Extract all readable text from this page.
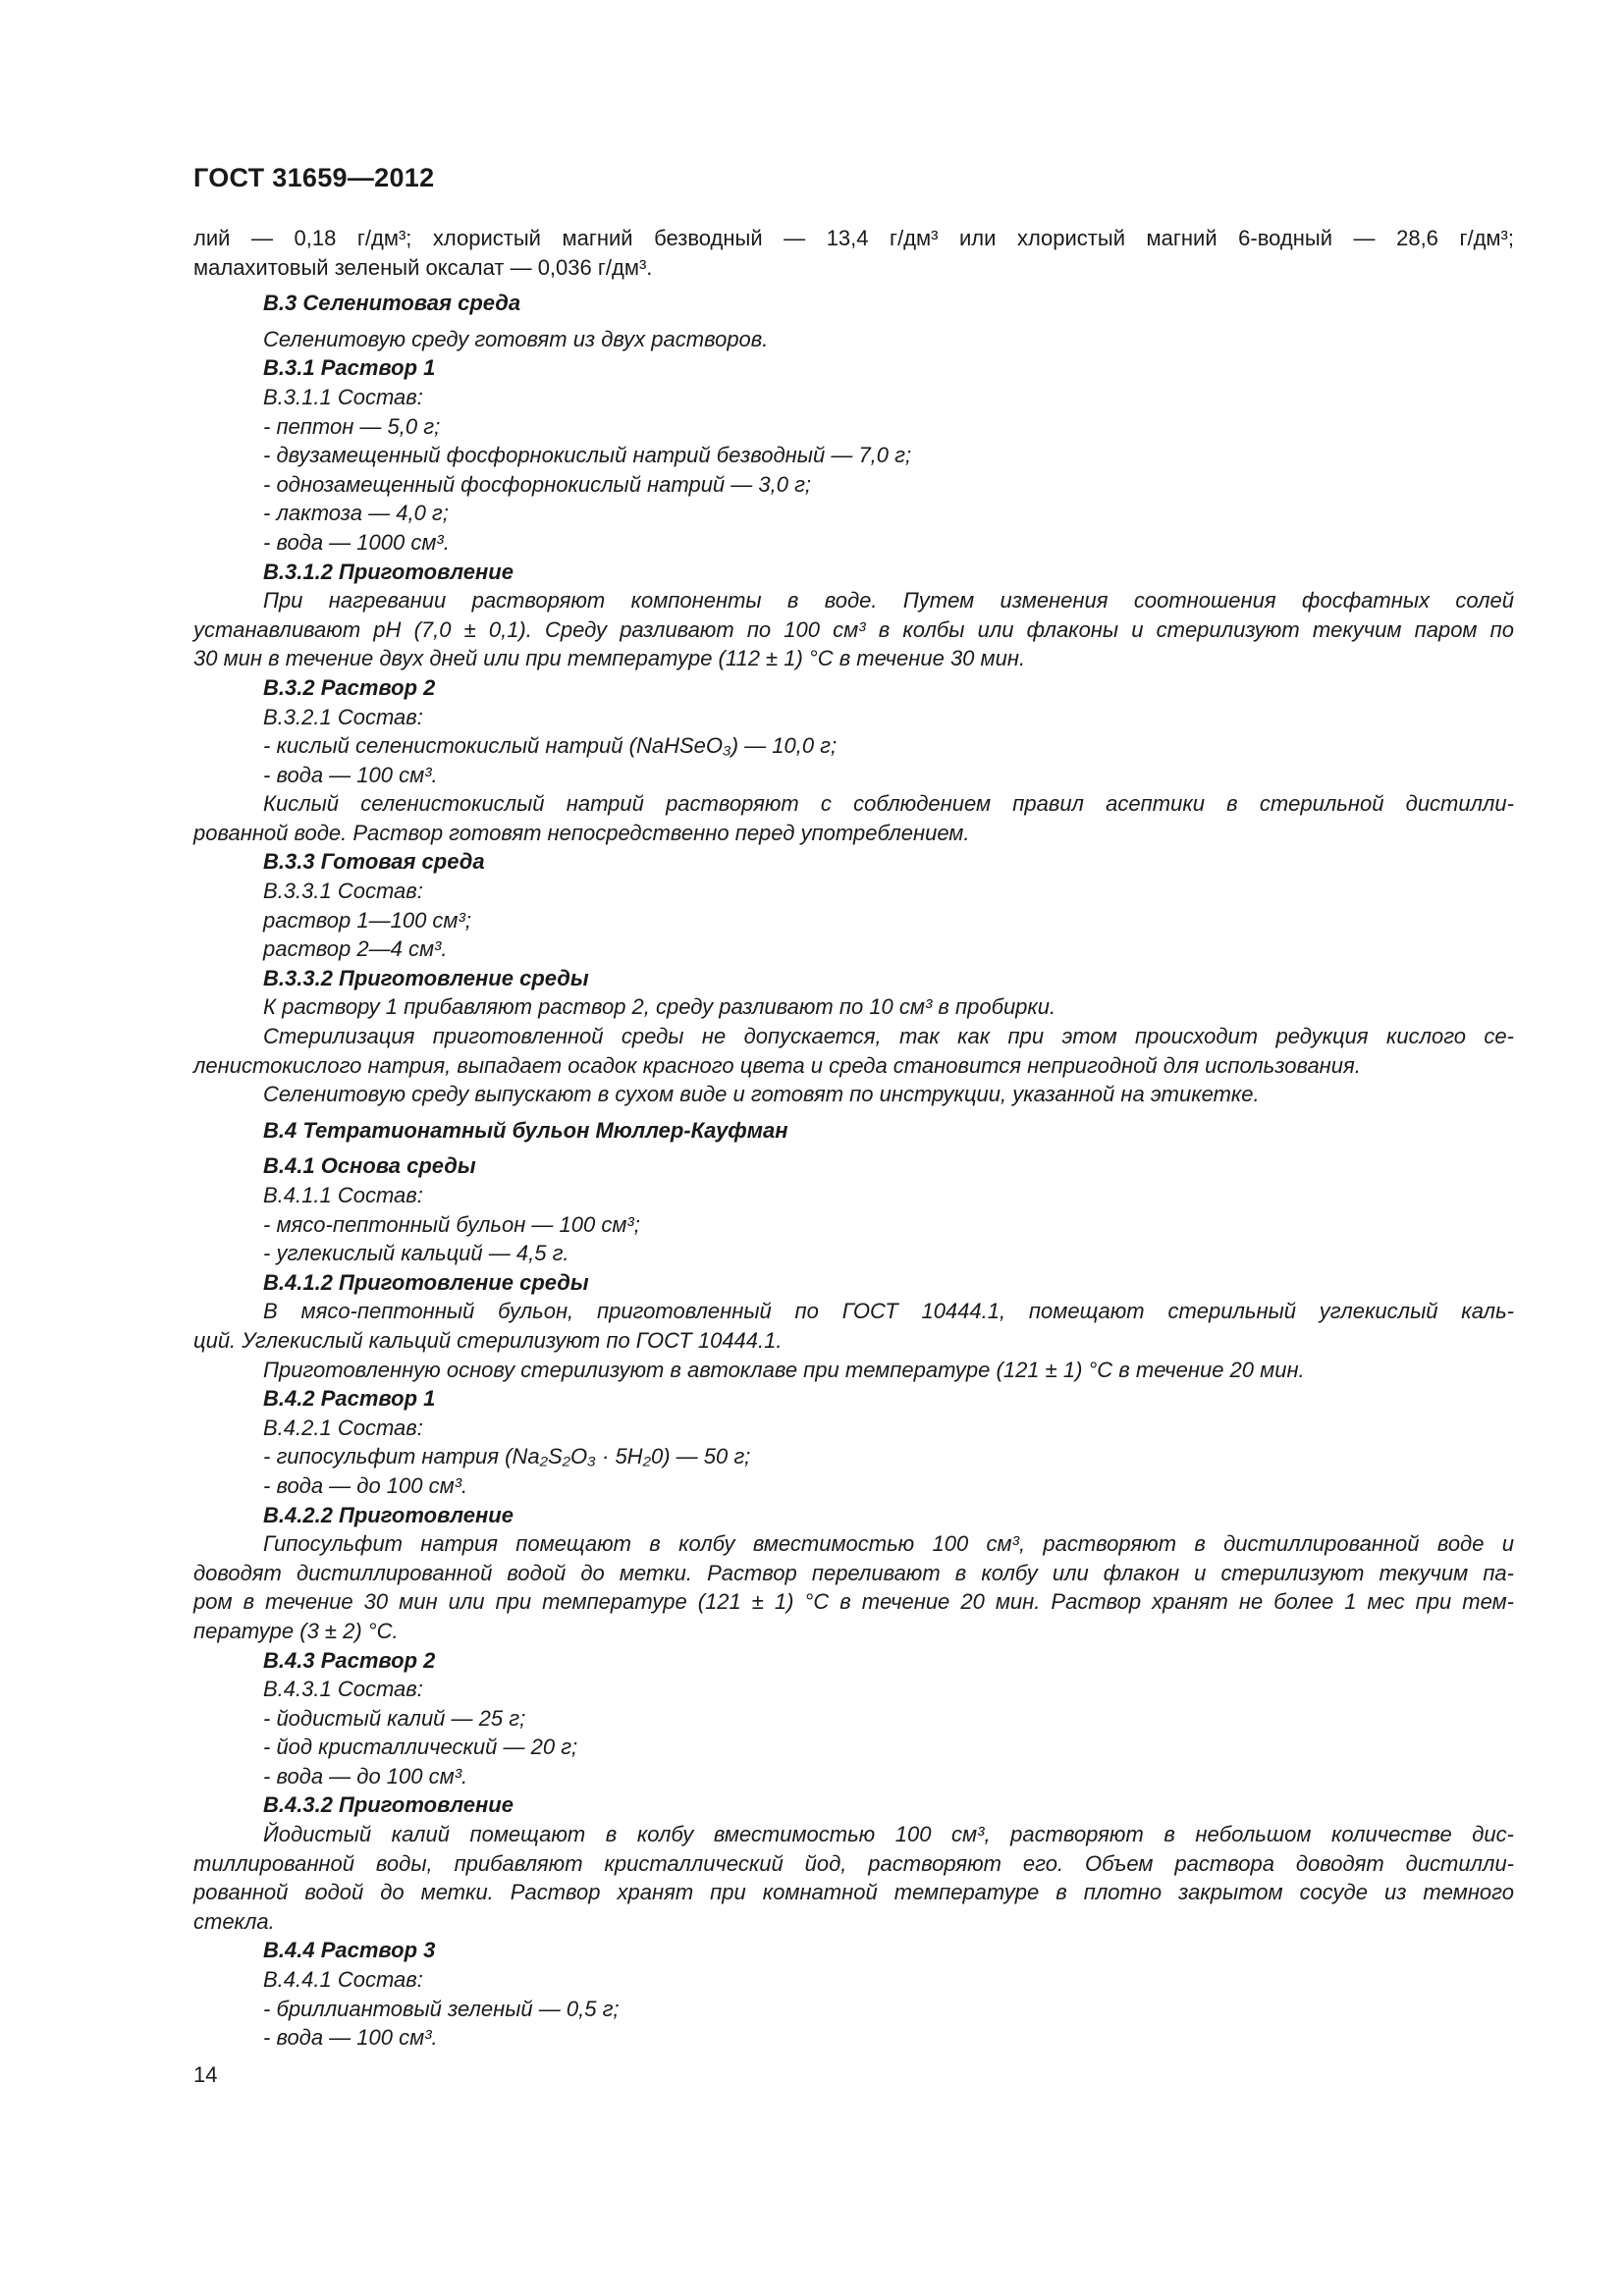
ГОСТ 31659—2012
лий — 0,18 г/дм³; хлористый магний безводный — 13,4 г/дм³ или хлористый магний 6-водный — 28,6 г/дм³;
малахитовый зеленый оксалат — 0,036 г/дм³.
В.3 Селенитовая среда
Селенитовую среду готовят из двух растворов.
В.3.1 Раствор 1
В.3.1.1 Состав:
- пептон — 5,0 г;
- двузамещенный фосфорнокислый натрий безводный — 7,0 г;
- однозамещенный фосфорнокислый натрий — 3,0 г;
- лактоза — 4,0 г;
- вода — 1000 см³.
В.3.1.2 Приготовление
При нагревании растворяют компоненты в воде. Путем изменения соотношения фосфатных солей
устанавливают рН (7,0 ± 0,1). Среду разливают по 100 см³ в колбы или флаконы и стерилизуют текучим паром по
30 мин в течение двух дней или при температуре (112 ± 1) °С в течение 30 мин.
В.3.2 Раствор 2
В.3.2.1 Состав:
- кислый селенистокислый натрий (NaHSeO₃) — 10,0 г;
- вода — 100 см³.
Кислый селенистокислый натрий растворяют с соблюдением правил асептики в стерильной дистилли-
рованной воде. Раствор готовят непосредственно перед употреблением.
В.3.3 Готовая среда
В.3.3.1 Состав:
раствор 1—100 см³;
раствор 2—4 см³.
В.3.3.2 Приготовление среды
К раствору 1 прибавляют раствор 2, среду разливают по 10 см³ в пробирки.
Стерилизация приготовленной среды не допускается, так как при этом происходит редукция кислого се-
ленистокислого натрия, выпадает осадок красного цвета и среда становится непригодной для использования.
Селенитовую среду выпускают в сухом виде и готовят по инструкции, указанной на этикетке.
В.4 Тетратионатный бульон Мюллер-Кауфман
В.4.1 Основа среды
В.4.1.1 Состав:
- мясо-пептонный бульон — 100 см³;
- углекислый кальций — 4,5 г.
В.4.1.2 Приготовление среды
В мясо-пептонный бульон, приготовленный по ГОСТ 10444.1, помещают стерильный углекислый каль-
ций. Углекислый кальций стерилизуют по ГОСТ 10444.1.
Приготовленную основу стерилизуют в автоклаве при температуре (121 ± 1) °С в течение 20 мин.
В.4.2 Раствор 1
В.4.2.1 Состав:
- гипосульфит натрия (Na₂S₂O₃ · 5H₂0) — 50 г;
- вода — до 100 см³.
В.4.2.2 Приготовление
Гипосульфит натрия помещают в колбу вместимостью 100 см³, растворяют в дистиллированной воде и
доводят дистиллированной водой до метки. Раствор переливают в колбу или флакон и стерилизуют текучим па-
ром в течение 30 мин или при температуре (121 ± 1) °С в течение 20 мин. Раствор хранят не более 1 мес при тем-
пературе (3 ± 2) °С.
В.4.3 Раствор 2
В.4.3.1 Состав:
- йодистый калий — 25 г;
- йод кристаллический — 20 г;
- вода — до 100 см³.
В.4.3.2 Приготовление
Йодистый калий помещают в колбу вместимостью 100 см³, растворяют в небольшом количестве дис-
тиллированной воды, прибавляют кристаллический йод, растворяют его. Объем раствора доводят дистилли-
рованной водой до метки. Раствор хранят при комнатной температуре в плотно закрытом сосуде из темного
стекла.
В.4.4 Раствор 3
В.4.4.1 Состав:
- бриллиантовый зеленый — 0,5 г;
- вода — 100 см³.
14
